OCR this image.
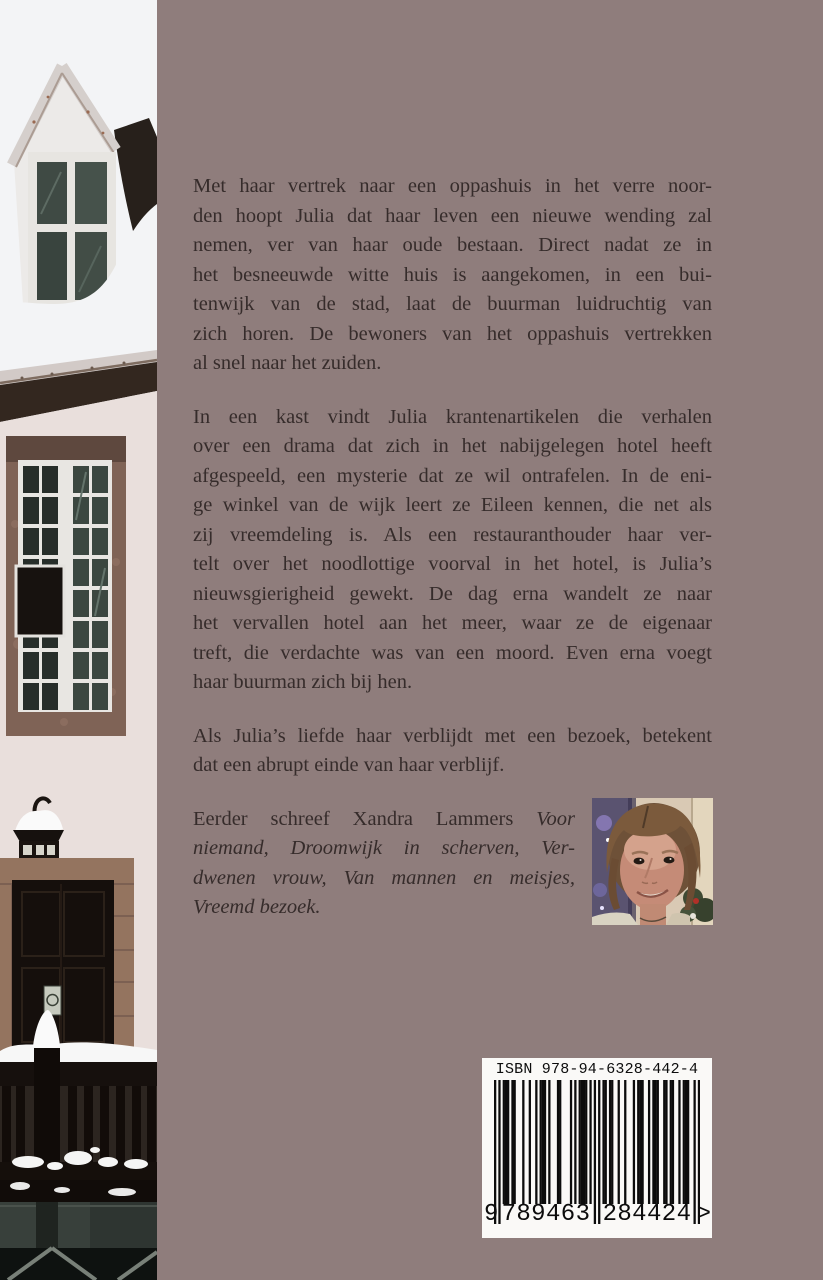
Met haar vertrek naar een oppashuis in het verre noor-
den hoopt Julia dat haar leven een nieuwe wending zal
nemen, ver van haar oude bestaan. Direct nadat ze in
het besneeuwde witte huis is aangekomen, in een bui-
tenwijk van de stad, laat de buurman luidruchtig van
zich horen. De bewoners van het oppashuis vertrekken
al snel naar het zuiden.
In een kast vindt Julia krantenartikelen die verhalen
over een drama dat zich in het nabijgelegen hotel heeft
afgespeeld, een mysterie dat ze wil ontrafelen. In de eni-
ge winkel van de wijk leert ze Eileen kennen, die net als
zij vreemdeling is. Als een restauranthouder haar ver-
telt over het noodlottige voorval in het hotel, is Julia’s
nieuwsgierigheid gewekt. De dag erna wandelt ze naar
het vervallen hotel aan het meer, waar ze de eigenaar
treft, die verdachte was van een moord. Even erna voegt
haar buurman zich bij hen.
Als Julia’s liefde haar verblijdt met een bezoek, betekent
dat een abrupt einde van haar verblijf.
Eerder schreef Xandra Lammers Voor
niemand, Droomwijk in scherven, Ver-
dwenen vrouw, Van mannen en meisjes,
Vreemd bezoek.
ISBN 978-94-6328-442-4
9 789463 284424 >
